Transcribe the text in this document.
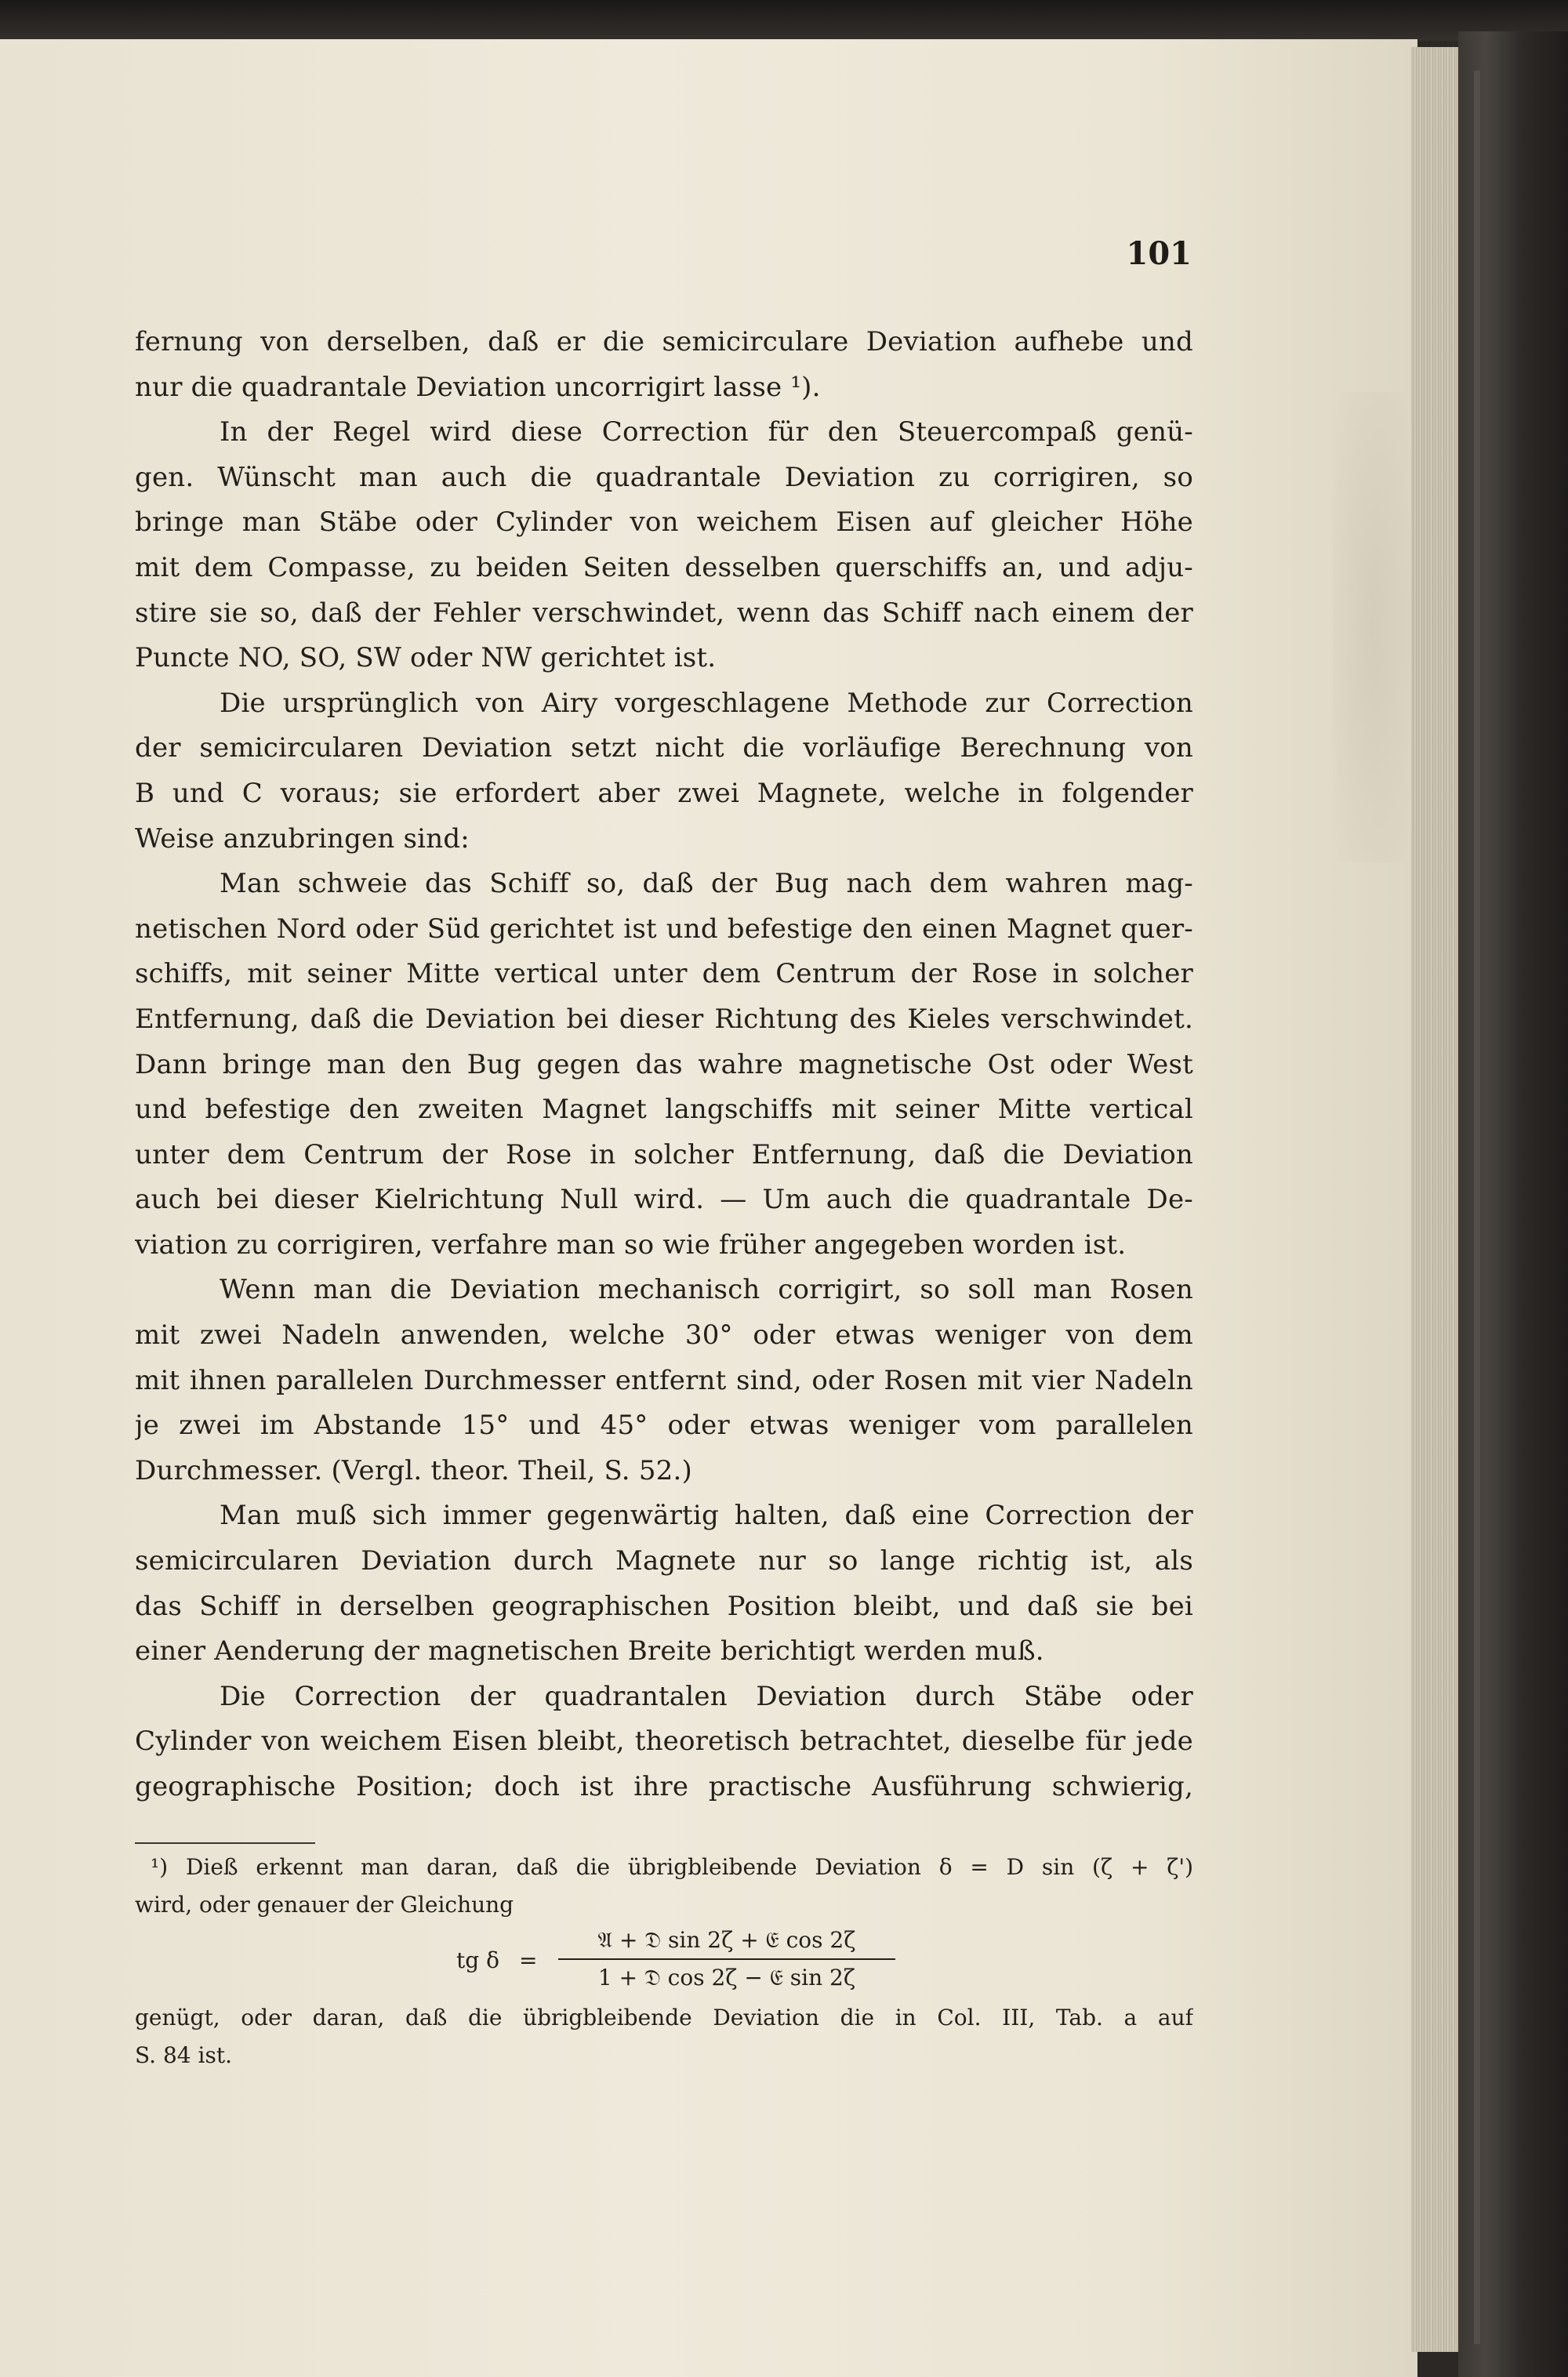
101
fernung von derselben, daß er die semicirculare Deviation aufhebe und
nur die quadrantale Deviation uncorrigirt lasse ¹).
In der Regel wird diese Correction für den Steuercompaß genü-
gen. Wünscht man auch die quadrantale Deviation zu corrigiren, so
bringe man Stäbe oder Cylinder von weichem Eisen auf gleicher Höhe
mit dem Compasse, zu beiden Seiten desselben querschiffs an, und adju-
stire sie so, daß der Fehler verschwindet, wenn das Schiff nach einem der
Puncte NO, SO, SW oder NW gerichtet ist.
Die ursprünglich von Airy vorgeschlagene Methode zur Correction
der semicircularen Deviation setzt nicht die vorläufige Berechnung von
B und C voraus; sie erfordert aber zwei Magnete, welche in folgender
Weise anzubringen sind:
Man schweie das Schiff so, daß der Bug nach dem wahren mag-
netischen Nord oder Süd gerichtet ist und befestige den einen Magnet quer-
schiffs, mit seiner Mitte vertical unter dem Centrum der Rose in solcher
Entfernung, daß die Deviation bei dieser Richtung des Kieles verschwindet.
Dann bringe man den Bug gegen das wahre magnetische Ost oder West
und befestige den zweiten Magnet langschiffs mit seiner Mitte vertical
unter dem Centrum der Rose in solcher Entfernung, daß die Deviation
auch bei dieser Kielrichtung Null wird. — Um auch die quadrantale De-
viation zu corrigiren, verfahre man so wie früher angegeben worden ist.
Wenn man die Deviation mechanisch corrigirt, so soll man Rosen
mit zwei Nadeln anwenden, welche 30° oder etwas weniger von dem
mit ihnen parallelen Durchmesser entfernt sind, oder Rosen mit vier Nadeln
je zwei im Abstande 15° und 45° oder etwas weniger vom parallelen
Durchmesser. (Vergl. theor. Theil, S. 52.)
Man muß sich immer gegenwärtig halten, daß eine Correction der
semicircularen Deviation durch Magnete nur so lange richtig ist, als
das Schiff in derselben geographischen Position bleibt, und daß sie bei
einer Aenderung der magnetischen Breite berichtigt werden muß.
Die Correction der quadrantalen Deviation durch Stäbe oder
Cylinder von weichem Eisen bleibt, theoretisch betrachtet, dieselbe für jede
geographische Position; doch ist ihre practische Ausführung schwierig,
¹) Dieß erkennt man daran, daß die übrigbleibende Deviation δ = D sin (ζ + ζ')
wird, oder genauer der Gleichung
tg δ =
𝔄 + 𝔇 sin 2ζ + 𝔈 cos 2ζ
1 + 𝔇 cos 2ζ − 𝔈 sin 2ζ
genügt, oder daran, daß die übrigbleibende Deviation die in Col. III, Tab. a auf
S. 84 ist.
